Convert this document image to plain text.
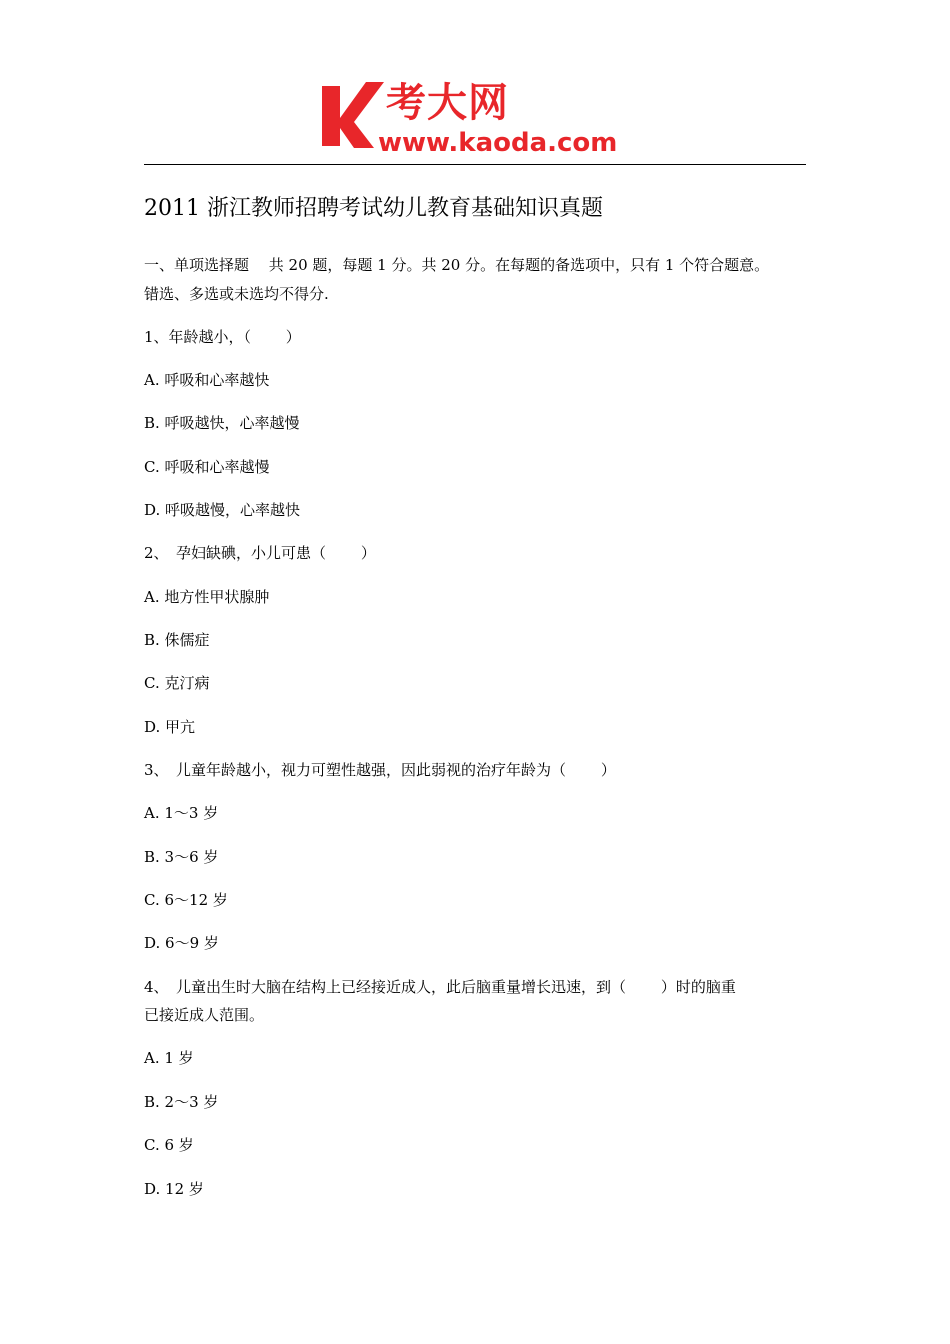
考大网
www.kaoda.com
2011 浙江教师招聘考试幼儿教育基础知识真题
一、单项选择题　 共 20 题，每题 1 分。共 20 分。在每题的备选项中，只有 1 个符合题意。
错选、多选或未选均不得分.
1、年龄越小，（　　 ）
A. 呼吸和心率越快
B. 呼吸越快，心率越慢
C. 呼吸和心率越慢
D. 呼吸越慢，心率越快
2、　孕妇缺碘，小儿可患（　　 ）
A. 地方性甲状腺肿
B. 侏儒症
C. 克汀病
D. 甲亢
3、　儿童年龄越小，视力可塑性越强，因此弱视的治疗年龄为（　　 ）
A. 1～3 岁
B. 3～6 岁
C. 6～12 岁
D. 6～9 岁
4、　儿童出生时大脑在结构上已经接近成人，此后脑重量增长迅速，到（　　 ）时的脑重
已接近成人范围。
A. 1 岁
B. 2～3 岁
C. 6 岁
D. 12 岁
